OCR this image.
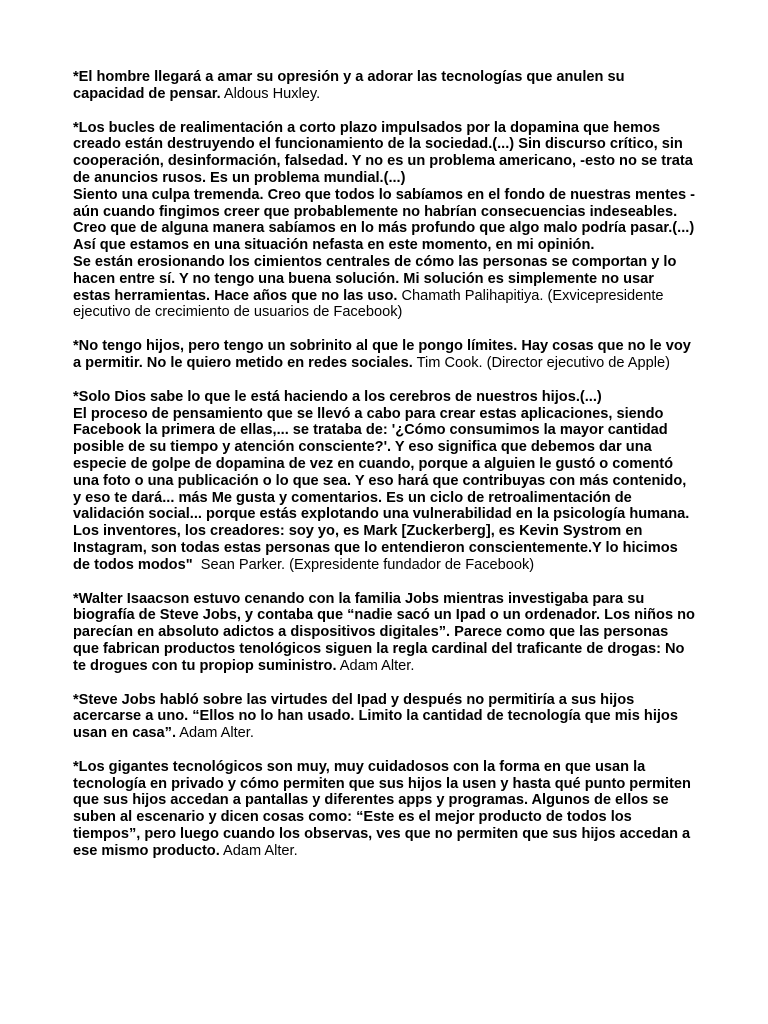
*El hombre llegará a amar su opresión y a adorar las tecnologías que anulen su capacidad de pensar. Aldous Huxley.

*Los bucles de realimentación a corto plazo impulsados por la dopamina que hemos creado están destruyendo el funcionamiento de la sociedad.(...) Sin discurso crítico, sin cooperación, desinformación, falsedad. Y no es un problema americano, -esto no se trata de anuncios rusos. Es un problema mundial.(...)
Siento una culpa tremenda. Creo que todos lo sabíamos en el fondo de nuestras mentes -aún cuando fingimos creer que probablemente no habrían consecuencias indeseables.
Creo que de alguna manera sabíamos en lo más profundo que algo malo podría pasar.(...)
Así que estamos en una situación nefasta en este momento, en mi opinión.
Se están erosionando los cimientos centrales de cómo las personas se comportan y lo hacen entre sí. Y no tengo una buena solución. Mi solución es simplemente no usar estas herramientas. Hace años que no las uso. Chamath Palihapitiya. (Exvicepresidente ejecutivo de crecimiento de usuarios de Facebook)

*No tengo hijos, pero tengo un sobrinito al que le pongo límites. Hay cosas que no le voy a permitir. No le quiero metido en redes sociales. Tim Cook. (Director ejecutivo de Apple)

*Solo Dios sabe lo que le está haciendo a los cerebros de nuestros hijos.(...)
El proceso de pensamiento que se llevó a cabo para crear estas aplicaciones, siendo Facebook la primera de ellas,... se trataba de: '¿Cómo consumimos la mayor cantidad posible de su tiempo y atención consciente?'. Y eso significa que debemos dar una especie de golpe de dopamina de vez en cuando, porque a alguien le gustó o comentó una foto o una publicación o lo que sea. Y eso hará que contribuyas con más contenido, y eso te dará... más Me gusta y comentarios. Es un ciclo de retroalimentación de validación social... porque estás explotando una vulnerabilidad en la psicología humana. Los inventores, los creadores: soy yo, es Mark [Zuckerberg], es Kevin Systrom en Instagram, son todas estas personas que lo entendieron conscientemente.Y lo hicimos de todos modos" Sean Parker. (Expresidente fundador de Facebook)

*Walter Isaacson estuvo cenando con la familia Jobs mientras investigaba para su biografía de Steve Jobs, y contaba que “nadie sacó un Ipad o un ordenador. Los niños no parecían en absoluto adictos a dispositivos digitales”. Parece como que las personas que fabrican productos tenológicos siguen la regla cardinal del traficante de drogas: No te drogues con tu propiop suministro. Adam Alter.

*Steve Jobs habló sobre las virtudes del Ipad y después no permitiría a sus hijos acercarse a uno. “Ellos no lo han usado. Limito la cantidad de tecnología que mis hijos usan en casa”. Adam Alter.

*Los gigantes tecnológicos son muy, muy cuidadosos con la forma en que usan la tecnología en privado y cómo permiten que sus hijos la usen y hasta qué punto permiten que sus hijos accedan a pantallas y diferentes apps y programas. Algunos de ellos se suben al escenario y dicen cosas como: “Este es el mejor producto de todos los tiempos”, pero luego cuando los observas, ves que no permiten que sus hijos accedan a ese mismo producto. Adam Alter.
